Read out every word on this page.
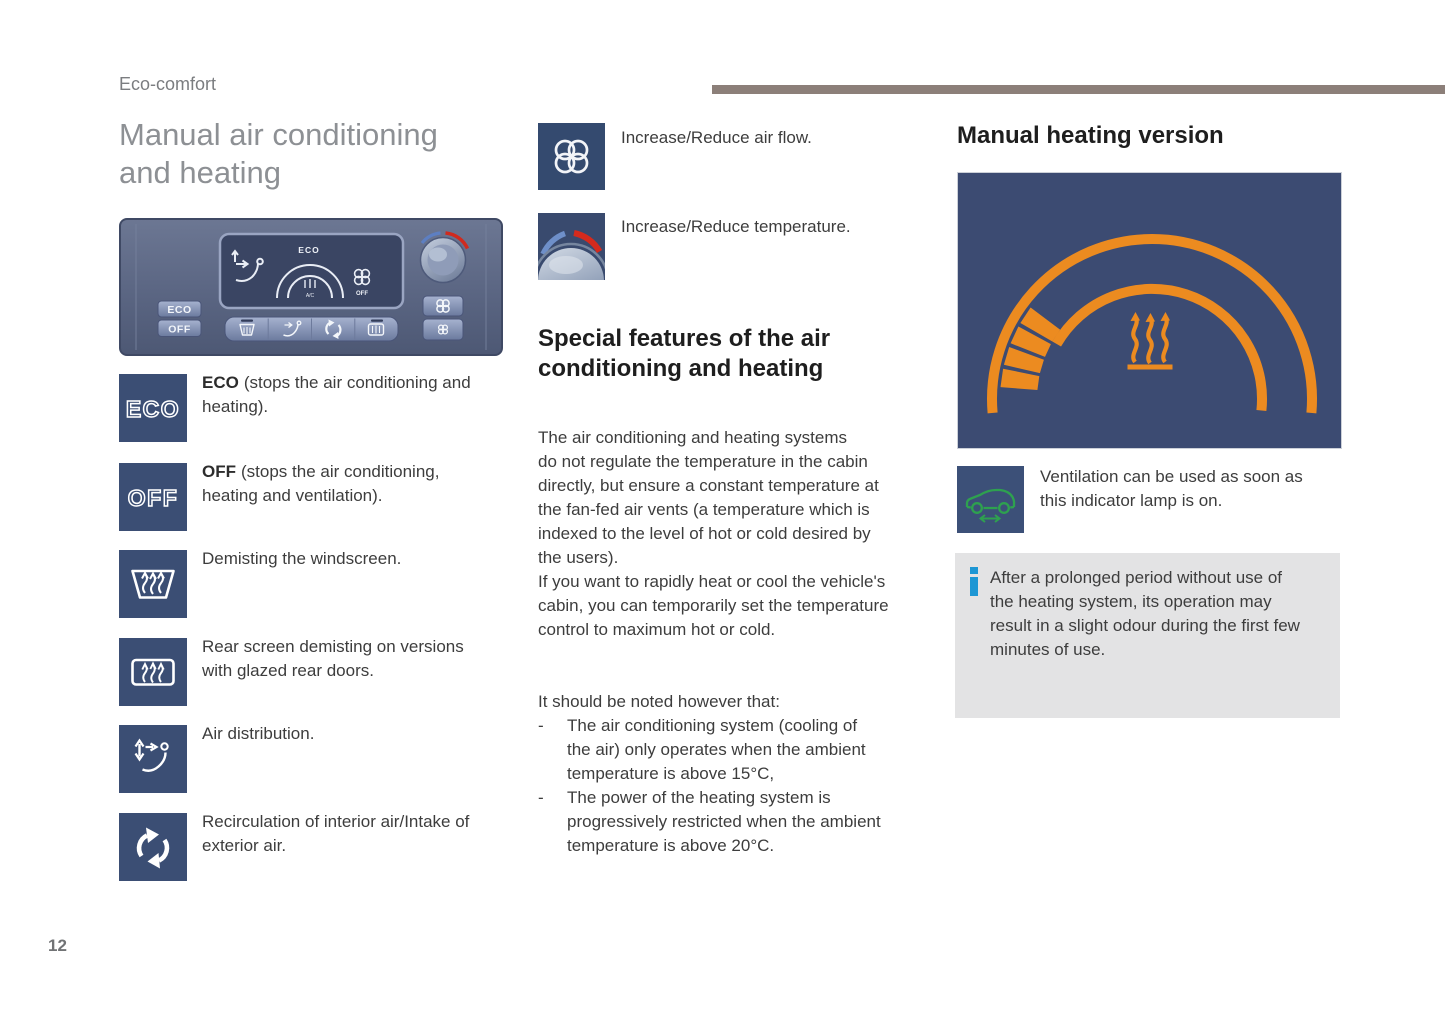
Eco-comfort
Manual air conditioning
and heating
ECO
A/C	OFF
ECO
OFF
ECO
ECO (stops the air conditioning and
heating).
OFF
OFF (stops the air conditioning,
heating and ventilation).
Demisting the windscreen.
Rear screen demisting on versions
with glazed rear doors.
Air distribution.
Recirculation of interior air/Intake of
exterior air.
Increase/Reduce air flow.
Increase/Reduce temperature.
Special features of the air
conditioning and heating
The air conditioning and heating systems
do not regulate the temperature in the cabin
directly, but ensure a constant temperature at
the fan-fed air vents (a temperature which is
indexed to the level of hot or cold desired by
the users).
If you want to rapidly heat or cool the vehicle's
cabin, you can temporarily set the temperature
control to maximum hot or cold.
It should be noted however that:
-	The air conditioning system (cooling of
the air) only operates when the ambient
temperature is above 15°C,
-	The power of the heating system is
progressively restricted when the ambient
temperature is above 20°C.
Manual heating version
Ventilation can be used as soon as
this indicator lamp is on.
After a prolonged period without use of
the heating system, its operation may
result in a slight odour during the first few
minutes of use.
12
